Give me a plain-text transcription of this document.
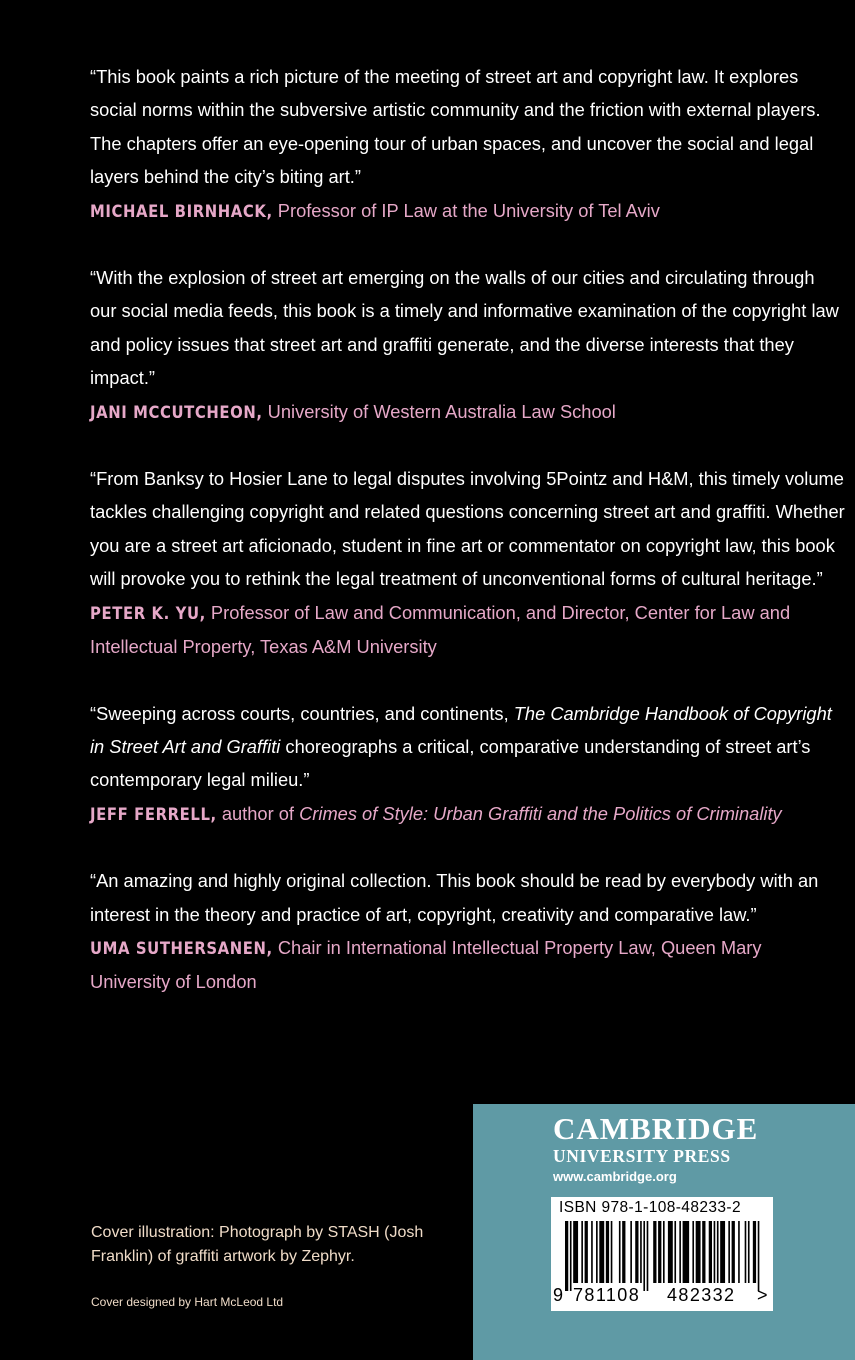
“This book paints a rich picture of the meeting of street art and copyright law. It explores social norms within the subversive artistic community and the friction with external players. The chapters offer an eye-opening tour of urban spaces, and uncover the social and legal layers behind the city’s biting art.”

MICHAEL BIRNHACK, Professor of IP Law at the University of Tel Aviv

“With the explosion of street art emerging on the walls of our cities and circulating through our social media feeds, this book is a timely and informative examination of the copyright law and policy issues that street art and graffiti generate, and the diverse interests that they impact.”

JANI MCCUTCHEON, University of Western Australia Law School

“From Banksy to Hosier Lane to legal disputes involving 5Pointz and H&M, this timely volume tackles challenging copyright and related questions concerning street art and graffiti. Whether you are a street art aficionado, student in fine art or commentator on copyright law, this book will provoke you to rethink the legal treatment of unconventional forms of cultural heritage.”

PETER K. YU, Professor of Law and Communication, and Director, Center for Law and Intellectual Property, Texas A&M University

“Sweeping across courts, countries, and continents, The Cambridge Handbook of Copyright in Street Art and Graffiti choreographs a critical, comparative understanding of street art’s contemporary legal milieu.”

JEFF FERRELL, author of Crimes of Style: Urban Graffiti and the Politics of Criminality

“An amazing and highly original collection. This book should be read by everybody with an interest in the theory and practice of art, copyright, creativity and comparative law.”

UMA SUTHERSANEN, Chair in International Intellectual Property Law, Queen Mary University of London

Cover illustration: Photograph by STASH (Josh Franklin) of graffiti artwork by Zephyr.

Cover designed by Hart McLeod Ltd

CAMBRIDGE

UNIVERSITY PRESS

www.cambridge.org

ISBN 978-1-108-48233-2
9 781108 482332 >
